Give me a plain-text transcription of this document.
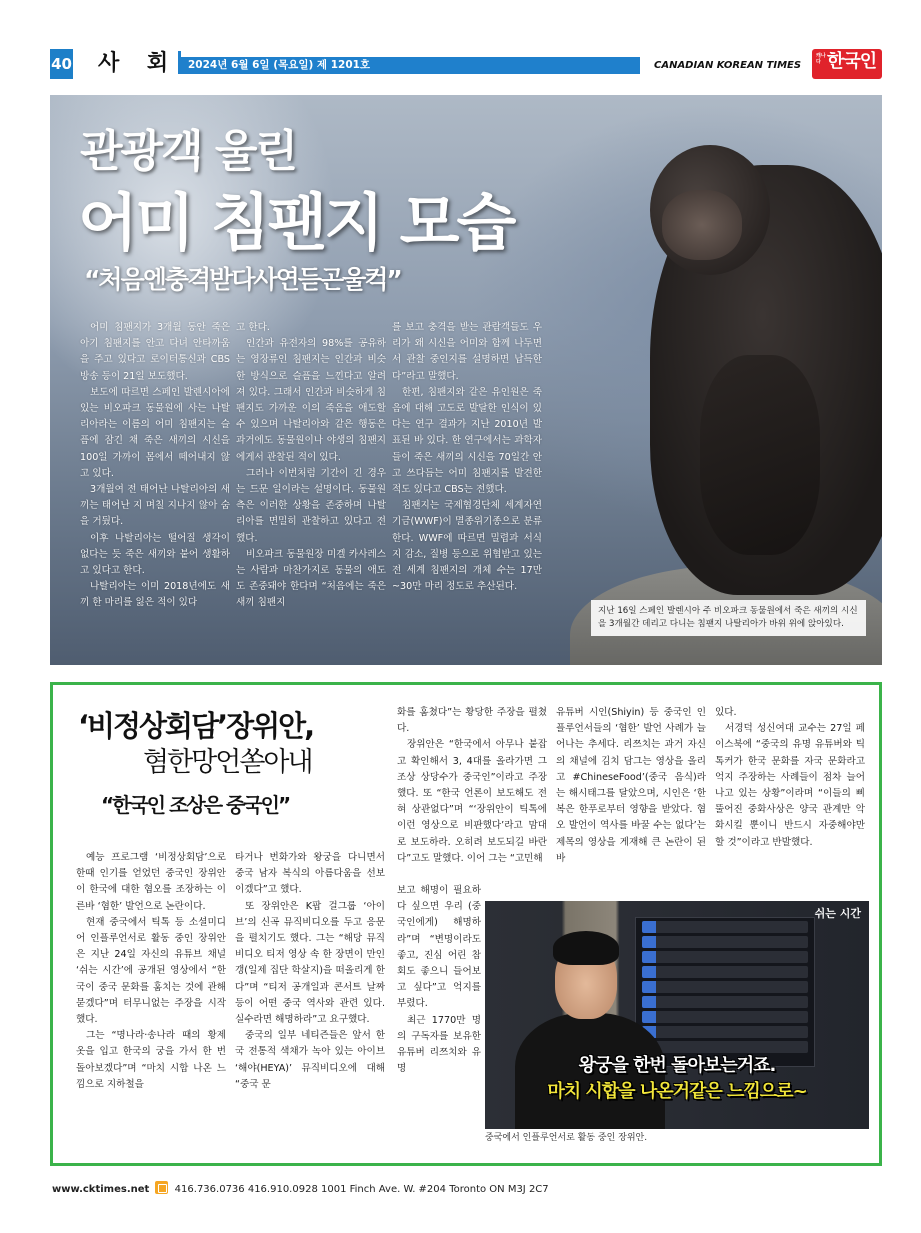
40 사 회 2024년 6월 6일 (목요일) 제 1201호	CANADIAN KOREAN TIMES
캐나다 한국인
관광객 울린
어미 침팬지 모습
“처음엔충격받다사연듣곤울컥”

어미 침팬지가 3개월 동안 죽은 아기 침팬지를 안고 다녀 안타까움을 주고 있다고 로이터통신과 CBS 방송 등이 21일 보도했다.

보도에 따르면 스페인 발렌시아에 있는 비오파크 동물원에 사는 나탈리아라는 이름의 어미 침팬지는 슬픔에 잠긴 채 죽은 새끼의 시신을 100일 가까이 몸에서 떼어내지 않고 있다.

3개월여 전 태어난 나탈리아의 새끼는 태어난 지 며칠 지나지 않아 숨을 거뒀다.

이후 나탈리아는 떨어질 생각이 없다는 듯 죽은 새끼와 붙어 생활하고 있다고 한다.

나탈리아는 이미 2018년에도 새끼 한 마리를 잃은 적이 있다

고 한다.

인간과 유전자의 98%를 공유하는 영장류인 침팬지는 인간과 비슷한 방식으로 슬픔을 느낀다고 알려져 있다. 그래서 인간과 비슷하게 침팬지도 가까운 이의 죽음을 애도할 수 있으며 나탈리아와 같은 행동은 과거에도 동물원이나 야생의 침팬지에게서 관찰된 적이 있다.

그러나 이번처럼 기간이 긴 경우는 드문 일이라는 설명이다. 동물원 측은 이러한 상황을 존중하며 나탈리아를 면밀히 관찰하고 있다고 전했다.

비오파크 동물원장 미겔 카사레스는 사람과 마찬가지로 동물의 애도도 존중돼야 한다며 “처음에는 죽은 새끼 침팬지

를 보고 충격을 받는 관람객들도 우리가 왜 시신을 어미와 함께 나두면서 관찰 중인지를 설명하면 납득한다”라고 말했다.

한편, 침팬지와 같은 유인원은 죽음에 대해 고도로 발달한 인식이 있다는 연구 결과가 지난 2010년 발표된 바 있다. 한 연구에서는 과학자들이 죽은 새끼의 시신을 70일간 안고 쓰다듬는 어미 침팬지를 발견한 적도 있다고 CBS는 전했다.

침팬지는 국제협경단체 세계자연기금(WWF)이 멸종위기종으로 분류한다. WWF에 따르면 밀렵과 서식지 감소, 질병 등으로 위협받고 있는 전 세계 침팬지의 개체 수는 17만~30만 마리 정도로 추산된다.

지난 16일 스페인 발렌시아 주 비오파크 동물원에서 죽은 새끼의 시신을 3개월간 데리고 다니는 침팬지 나탈리아가 바위 위에 앉아있다.
‘비정상회담’장위안,
혐한망언쏟아내
“한국인 조상은 중국인”

예능 프로그램 ‘비정상회담’으로 한때 인기를 얻었던 중국인 장위안이 한국에 대한 혐오를 조장하는 이른바 ‘혐한’ 발언으로 논란이다.

현재 중국에서 틱톡 등 소셜미디어 인플루언서로 활동 중인 장위안은 지난 24일 자신의 유튜브 채널 ‘쉬는 시간’에 공개된 영상에서 “한국이 중국 문화를 훔치는 것에 관해 묻겠다”며 터무니없는 주장을 시작했다.

그는 “명나라·송나라 때의 황제 옷을 입고 한국의 궁을 가서 한 번 돌아보겠다”며 “마치 시합 나온 느낌으로 지하철을

타거나 번화가와 왕궁을 다니면서 중국 남자 복식의 아름다움을 선보이겠다”고 했다.

또 장위안은 K팝 걸그룹 ‘아이브’의 신곡 뮤직비디오를 두고 응문을 펼치기도 했다. 그는 “해당 뮤직비디오 티저 영상 속 한 장면이 만인갱(일제 집단 학살지)을 떠올리게 한다”며 “티저 공개일과 콘서트 날짜 등이 어떤 중국 역사와 관련 있다. 실수라면 해명하라”고 요구했다.

중국의 일부 네티즌들은 앞서 한국 전통적 색채가 녹아 있는 아이브 ‘해야(HEYA)’ 뮤직비디오에 대해 “중국 문

화를 훔쳤다”는 황당한 주장을 펼쳤다.

장위안은 “한국에서 아무나 붙잡고 확인해서 3, 4대를 올라가면 그 조상 상당수가 중국인”이라고 주장했다. 또 “한국 언론이 보도해도 전혀 상관없다”며 “‘장위안이 틱톡에 이런 영상으로 비판했다’라고 맘대로 보도하라. 오히려 보도되길 바란다”고도 말했다. 이어 그는 “고민해

보고 해명이 필요하다 싶으면 우리 (중국인에게) 해명하라”며 “변명이라도 좋고, 진심 어린 참회도 좋으니 들어보고 싶다”고 억지를 부렸다.

최근 1770만 명의 구독자를 보유한 유튜버 리쯔치와 유명

유튜버 시인(Shiyin) 등 중국인 인플루언서들의 ‘혐한’ 발언 사례가 늘어나는 추세다. 리쯔치는 과거 자신의 채널에 김치 담그는 영상을 올리고 #ChineseFood’(중국 음식)라는 해시태그를 달았으며, 시인은 ‘한복은 한푸로부터 영향을 받았다. 혐오 발언이 역사를 바꿀 수는 없다’는 제목의 영상을 게재해 큰 논란이 된 바

있다.

서경덕 성신여대 교수는 27일 페이스북에 “중국의 유명 유튜버와 틱톡커가 한국 문화를 자국 문화라고 억지 주장하는 사례들이 점차 늘어나고 있는 상황”이라며 “이들의 삐뚤어진 중화사상은 양국 관계만 악화시킬 뿐이니 반드시 자중해야만 할 것”이라고 반발했다.

쉬는 시간
왕궁을 한번 돌아보는거죠.
마치 시합을 나온거같은 느낌으로~
중국에서 인플루언서로 활동 중인 장위안.
www.cktimes.net	416.736.0736 416.910.0928 1001 Finch Ave. W. #204 Toronto ON M3J 2C7
